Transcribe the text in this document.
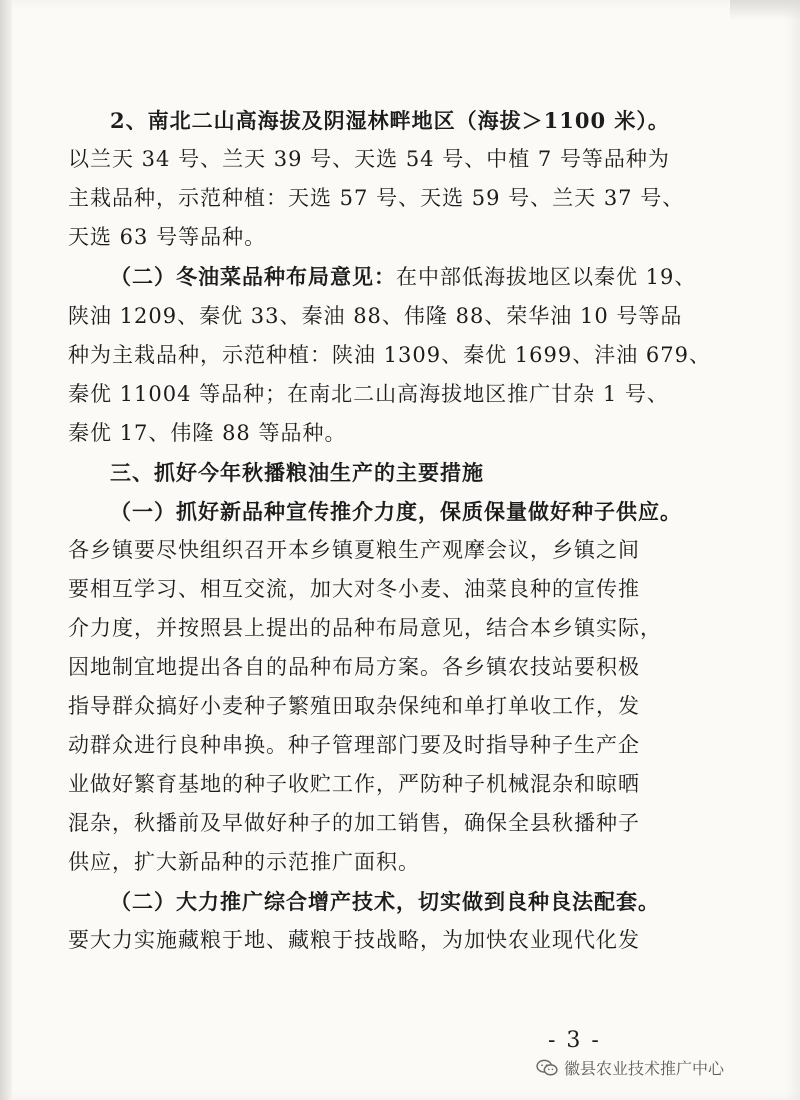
2、南北二山高海拔及阴湿林畔地区（海拔＞1100 米）。
以兰天 34 号、兰天 39 号、天选 54 号、中植 7 号等品种为
主栽品种，示范种植：天选 57 号、天选 59 号、兰天 37 号、
天选 63 号等品种。
（二）冬油菜品种布局意见：在中部低海拔地区以秦优 19、
陕油 1209、秦优 33、秦油 88、伟隆 88、荣华油 10 号等品
种为主栽品种，示范种植：陕油 1309、秦优 1699、沣油 679、
秦优 11004 等品种；在南北二山高海拔地区推广甘杂 1 号、
秦优 17、伟隆 88 等品种。
三、抓好今年秋播粮油生产的主要措施
（一）抓好新品种宣传推介力度，保质保量做好种子供应。
各乡镇要尽快组织召开本乡镇夏粮生产观摩会议，乡镇之间
要相互学习、相互交流，加大对冬小麦、油菜良种的宣传推
介力度，并按照县上提出的品种布局意见，结合本乡镇实际，
因地制宜地提出各自的品种布局方案。各乡镇农技站要积极
指导群众搞好小麦种子繁殖田取杂保纯和单打单收工作，发
动群众进行良种串换。种子管理部门要及时指导种子生产企
业做好繁育基地的种子收贮工作，严防种子机械混杂和晾晒
混杂，秋播前及早做好种子的加工销售，确保全县秋播种子
供应，扩大新品种的示范推广面积。
（二）大力推广综合增产技术，切实做到良种良法配套。
要大力实施藏粮于地、藏粮于技战略，为加快农业现代化发
- 3 -
徽县农业技术推广中心
